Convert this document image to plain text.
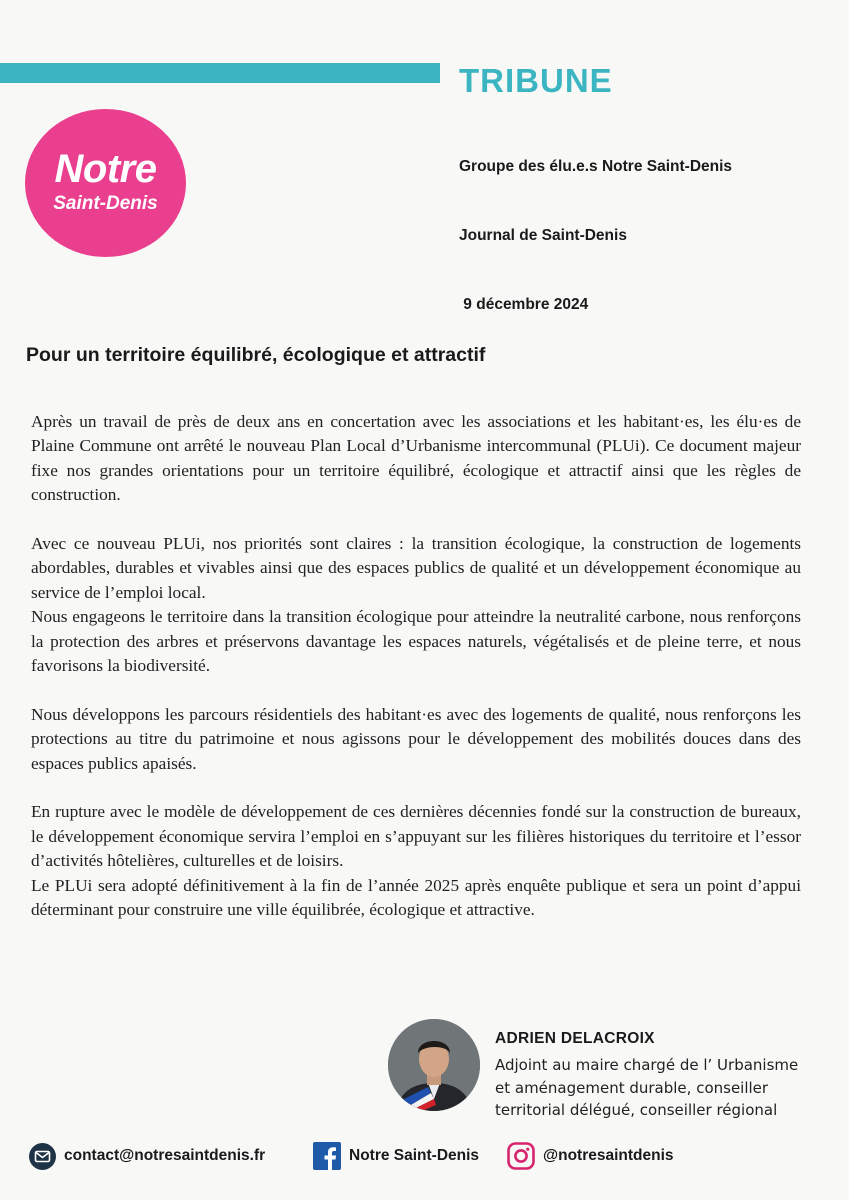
Notre
Saint-Denis
TRIBUNE

Groupe des élu.e.s Notre Saint-Denis

Journal de Saint-Denis

9 décembre 2024

Pour un territoire équilibré, écologique et attractif

Après un travail de près de deux ans en concertation avec les associations et les habitant·es, les élu·es de Plaine Commune ont arrêté le nouveau Plan Local d’Urbanisme intercommunal (PLUi). Ce document majeur fixe nos grandes orientations pour un territoire équilibré, écologique et attractif ainsi que les règles de construction.

Avec ce nouveau PLUi, nos priorités sont claires : la transition écologique, la construction de logements abordables, durables et vivables ainsi que des espaces publics de qualité et un développement économique au service de l’emploi local.

Nous engageons le territoire dans la transition écologique pour atteindre la neutralité carbone, nous renforçons la protection des arbres et préservons davantage les espaces naturels, végétalisés et de pleine terre, et nous favorisons la biodiversité.

Nous développons les parcours résidentiels des habitant·es avec des logements de qualité, nous renforçons les protections au titre du patrimoine et nous agissons pour le développement des mobilités douces dans des espaces publics apaisés.

En rupture avec le modèle de développement de ces dernières décennies fondé sur la construction de bureaux, le développement économique servira l’emploi en s’appuyant sur les filières historiques du territoire et l’essor d’activités hôtelières, culturelles et de loisirs.

Le PLUi sera adopté définitivement à la fin de l’année 2025 après enquête publique et sera un point d’appui déterminant pour construire une ville équilibrée, écologique et attractive.

ADRIEN DELACROIX
Adjoint au maire chargé de l’ Urbanisme
et aménagement durable, conseiller
territorial délégué, conseiller régional
contact@notresaintdenis.fr	Notre Saint-Denis	@notresaintdenis
